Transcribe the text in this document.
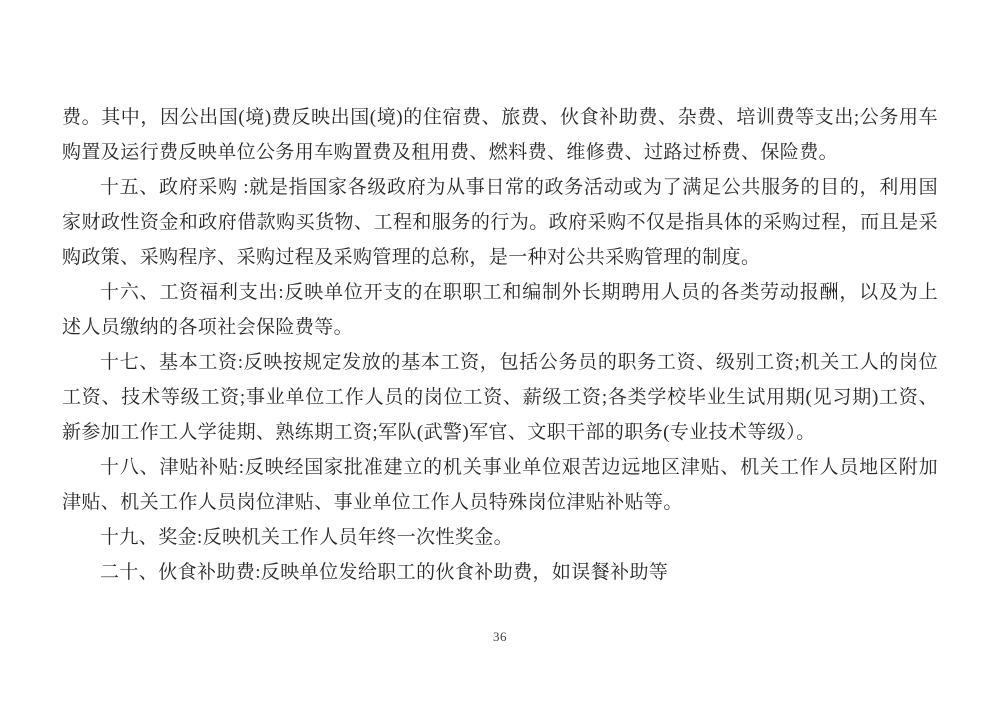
费。其中，因公出国(境)费反映出国(境)的住宿费、旅费、伙食补助费、杂费、培训费等支出;公务用车购置及运行费反映单位公务用车购置费及租用费、燃料费、维修费、过路过桥费、保险费。

十五、政府采购 :就是指国家各级政府为从事日常的政务活动或为了满足公共服务的目的，利用国家财政性资金和政府借款购买货物、工程和服务的行为。政府采购不仅是指具体的采购过程，而且是采购政策、采购程序、采购过程及采购管理的总称，是一种对公共采购管理的制度。

十六、工资福利支出:反映单位开支的在职职工和编制外长期聘用人员的各类劳动报酬，以及为上述人员缴纳的各项社会保险费等。

十七、基本工资:反映按规定发放的基本工资，包括公务员的职务工资、级别工资;机关工人的岗位工资、技术等级工资;事业单位工作人员的岗位工资、薪级工资;各类学校毕业生试用期(见习期)工资、新参加工作工人学徒期、熟练期工资;军队(武警)军官、文职干部的职务(专业技术等级）。

十八、津贴补贴:反映经国家批准建立的机关事业单位艰苦边远地区津贴、机关工作人员地区附加津贴、机关工作人员岗位津贴、事业单位工作人员特殊岗位津贴补贴等。

十九、奖金:反映机关工作人员年终一次性奖金。

二十、伙食补助费:反映单位发给职工的伙食补助费，如误餐补助等

36
